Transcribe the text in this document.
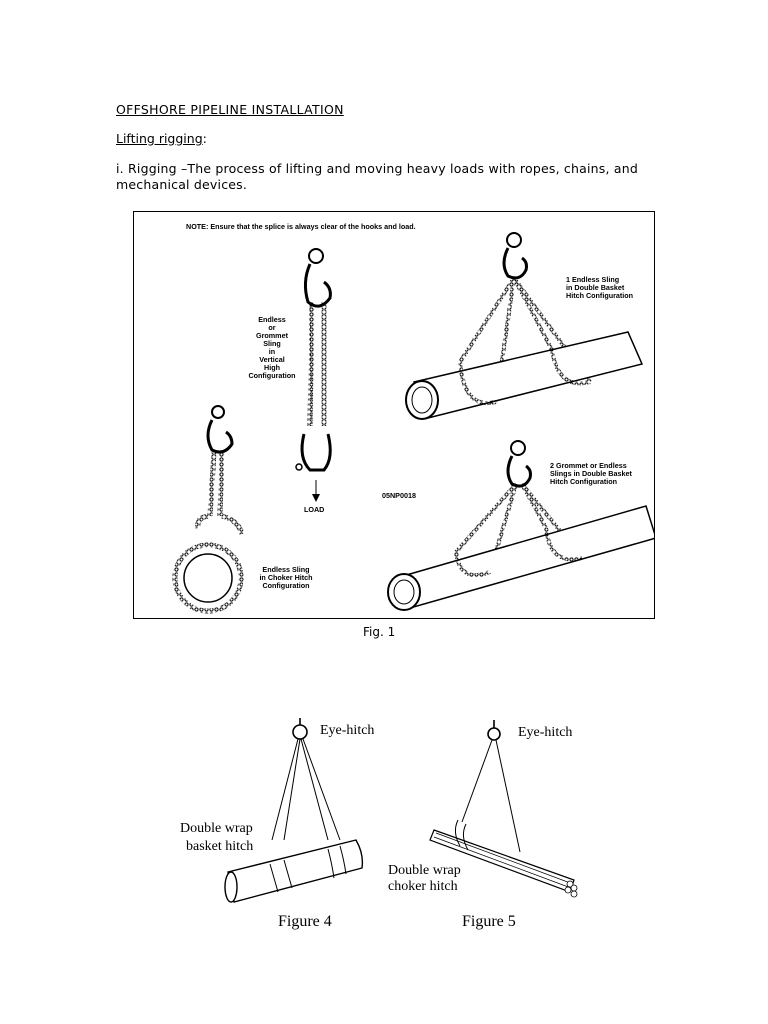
OFFSHORE PIPELINE INSTALLATION
Lifting rigging:
i. Rigging –The process of lifting and moving heavy loads with ropes, chains, and mechanical devices.
NOTE: Ensure that the splice is always clear of the hooks and load.
LOAD
Endless
or
Grommet
Sling
in
Vertical
High
Configuration
05NP0018
Endless Sling
in Choker Hitch
Configuration
1 Endless Sling
in Double Basket
Hitch Configuration
2 Grommet or Endless
Slings in Double Basket
Hitch Configuration
Fig. 1
Eye-hitch
Double wrap
basket hitch
Figure 4
Eye-hitch
Double wrap
choker hitch
Figure 5
